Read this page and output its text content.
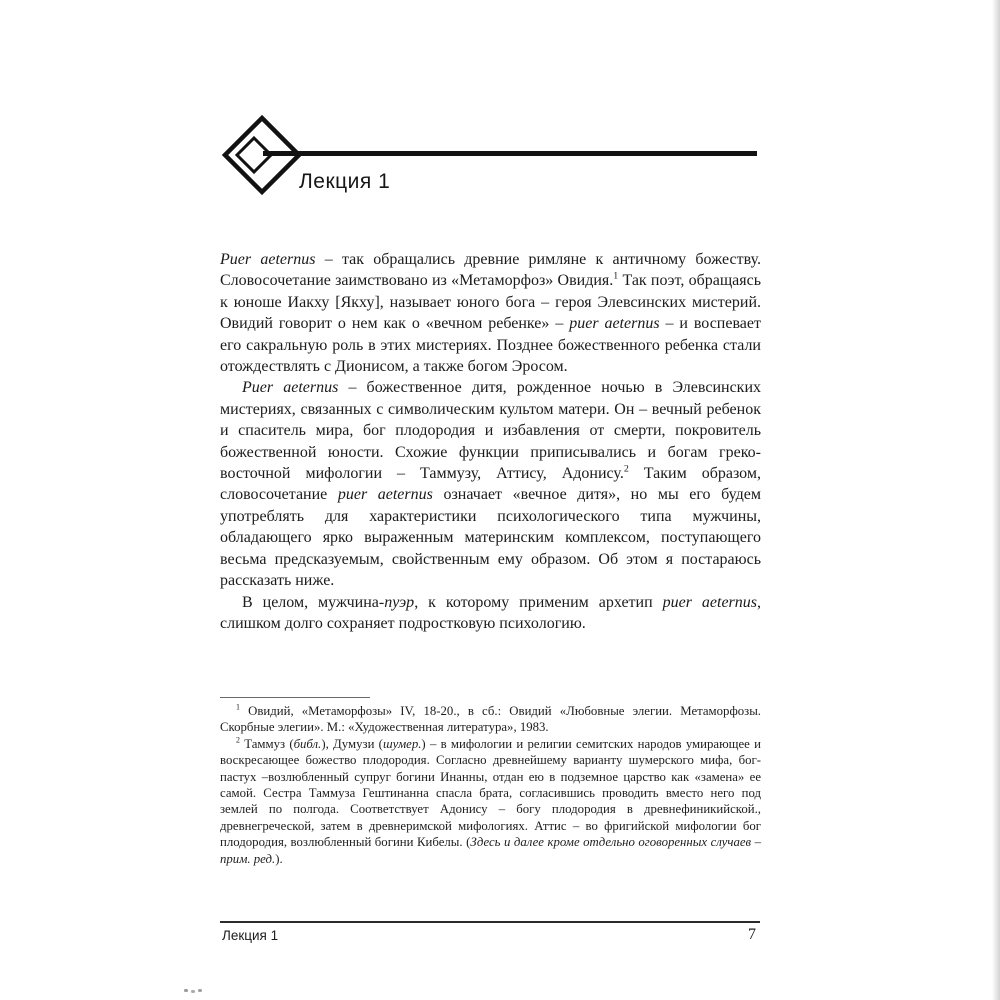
Лекция 1

Puer aeternus – так обращались древние римляне к античному божеству. Словосочетание заимствовано из «Метаморфоз» Овидия.$^1$ Так поэт, обращаясь к юноше Иакху [Якху], называет юного бога – героя Элевсинских мистерий. Овидий говорит о нем как о «вечном ребенке» – puer aeternus – и воспевает его сакральную роль в этих мистериях. Позднее божественного ребенка стали отождествлять с Дионисом, а также богом Эросом.

Puer aeternus – божественное дитя, рожденное ночью в Элевсинских мистериях, связанных с символическим культом матери. Он – вечный ребенок и спаситель мира, бог плодородия и избавления от смерти, покровитель божественной юности. Схожие функции приписывались и богам греко-восточной мифологии – Таммузу, Аттису, Адонису.$^2$ Таким образом, словосочетание puer aeternus означает «вечное дитя», но мы его будем употреблять для характеристики психологического типа мужчины, обладающего ярко выраженным материнским комплексом, поступающего весьма предсказуемым, свойственным ему образом. Об этом я постараюсь рассказать ниже.

В целом, мужчина-пуэр, к которому применим архетип puer aeternus, слишком долго сохраняет подростковую психологию.

$^1$ Овидий, «Метаморфозы» IV, 18-20., в сб.: Овидий «Любовные элегии. Метаморфозы. Скорбные элегии». М.: «Художественная литература», 1983.

$^2$ Таммуз (библ.), Думузи (шумер.) – в мифологии и религии семитских народов умирающее и воскресающее божество плодородия. Согласно древнейшему варианту шумерского мифа, бог-пастух –возлюбленный супруг богини Инанны, отдан ею в подземное царство как «замена» ее самой. Сестра Таммуза Гештинанна спасла брата, согласившись проводить вместо него под землей по полгода. Соответствует Адонису – богу плодородия в древнефиникийской., древнегреческой, затем в древнеримской мифологиях. Аттис – во фригийской мифологии бог плодородия, возлюбленный богини Кибелы. (Здесь и далее кроме отдельно оговоренных случаев – прим. ред.).

Лекция 1	7
